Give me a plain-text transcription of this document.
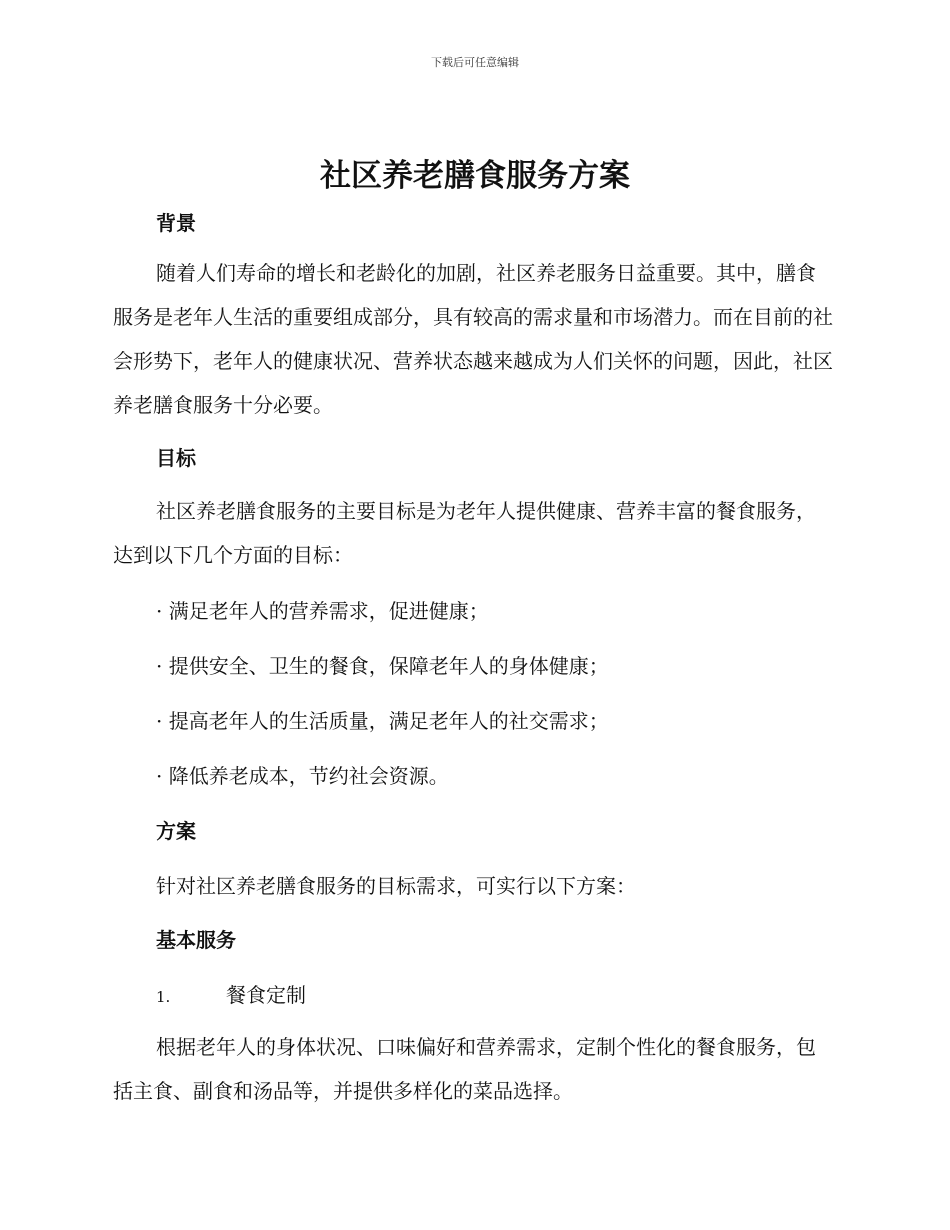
下载后可任意编辑
社区养老膳食服务方案
背景

随着人们寿命的增长和老龄化的加剧，社区养老服务日益重要。其中，膳食服务是老年人生活的重要组成部分，具有较高的需求量和市场潜力。而在目前的社会形势下，老年人的健康状况、营养状态越来越成为人们关怀的问题，因此，社区养老膳食服务十分必要。

目标

社区养老膳食服务的主要目标是为老年人提供健康、营养丰富的餐食服务，达到以下几个方面的目标：

· 满足老年人的营养需求，促进健康；
· 提供安全、卫生的餐食，保障老年人的身体健康；
· 提高老年人的生活质量，满足老年人的社交需求；
· 降低养老成本，节约社会资源。
方案
针对社区养老膳食服务的目标需求，可实行以下方案：
基本服务
1.	餐食定制

根据老年人的身体状况、口味偏好和营养需求，定制个性化的餐食服务，包括主食、副食和汤品等，并提供多样化的菜品选择。
